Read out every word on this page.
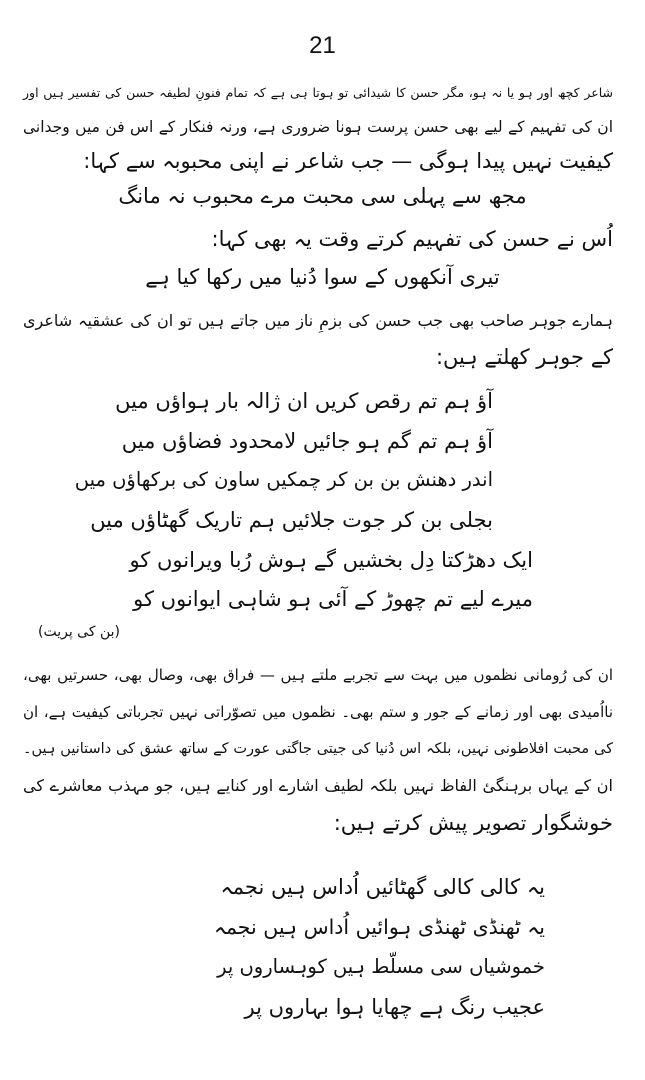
21
شاعر کچھ اور ہو یا نہ ہو، مگر حسن کا شیدائی تو ہوتا ہی ہے کہ تمام فنونِ لطیفہ حسن کی تفسیر ہیں اور
ان کی تفہیم کے لیے بھی حسن پرست ہونا ضروری ہے، ورنہ فنکار کے اس فن میں وجدانی
کیفیت نہیں پیدا ہوگی — جب شاعر نے اپنی محبوبہ سے کہا:
مجھ سے پہلی سی محبت مرے محبوب نہ مانگ
اُس نے حسن کی تفہیم کرتے وقت یہ بھی کہا:
تیری آنکھوں کے سوا دُنیا میں رکھا کیا ہے
ہمارے جوہر صاحب بھی جب حسن کی بزمِ ناز میں جاتے ہیں تو ان کی عشقیہ شاعری
کے جوہر کھلتے ہیں:
آؤ ہم تم رقص کریں ان ژالہ بار ہواؤں میں
آؤ ہم تم گم ہو جائیں لامحدود فضاؤں میں
اندر دھنش بن بن کر چمکیں ساون کی برکھاؤں میں
بجلی بن کر جوت جلائیں ہم تاریک گھٹاؤں میں
ایک دھڑکتا دِل بخشیں گے ہوش رُبا ویرانوں کو
میرے لیے تم چھوڑ کے آئی ہو شاہی ایوانوں کو
(بن کی پریت)
ان کی رُومانی نظموں میں بہت سے تجربے ملتے ہیں — فراق بھی، وصال بھی، حسرتیں بھی،
نااُمیدی بھی اور زمانے کے جور و ستم بھی۔ نظموں میں تصوّراتی نہیں تجرباتی کیفیت ہے، ان
کی محبت افلاطونی نہیں، بلکہ اس دُنیا کی جیتی جاگتی عورت کے ساتھ عشق کی داستانیں ہیں۔
ان کے یہاں برہنگئ الفاظ نہیں بلکہ لطیف اشارے اور کنایے ہیں، جو مہذب معاشرے کی
خوشگوار تصویر پیش کرتے ہیں:
یہ کالی کالی گھٹائیں اُداس ہیں نجمہ
یہ ٹھنڈی ٹھنڈی ہوائیں اُداس ہیں نجمہ
خموشیاں سی مسلّط ہیں کوہساروں پر
عجیب رنگ ہے چھایا ہوا بہاروں پر
